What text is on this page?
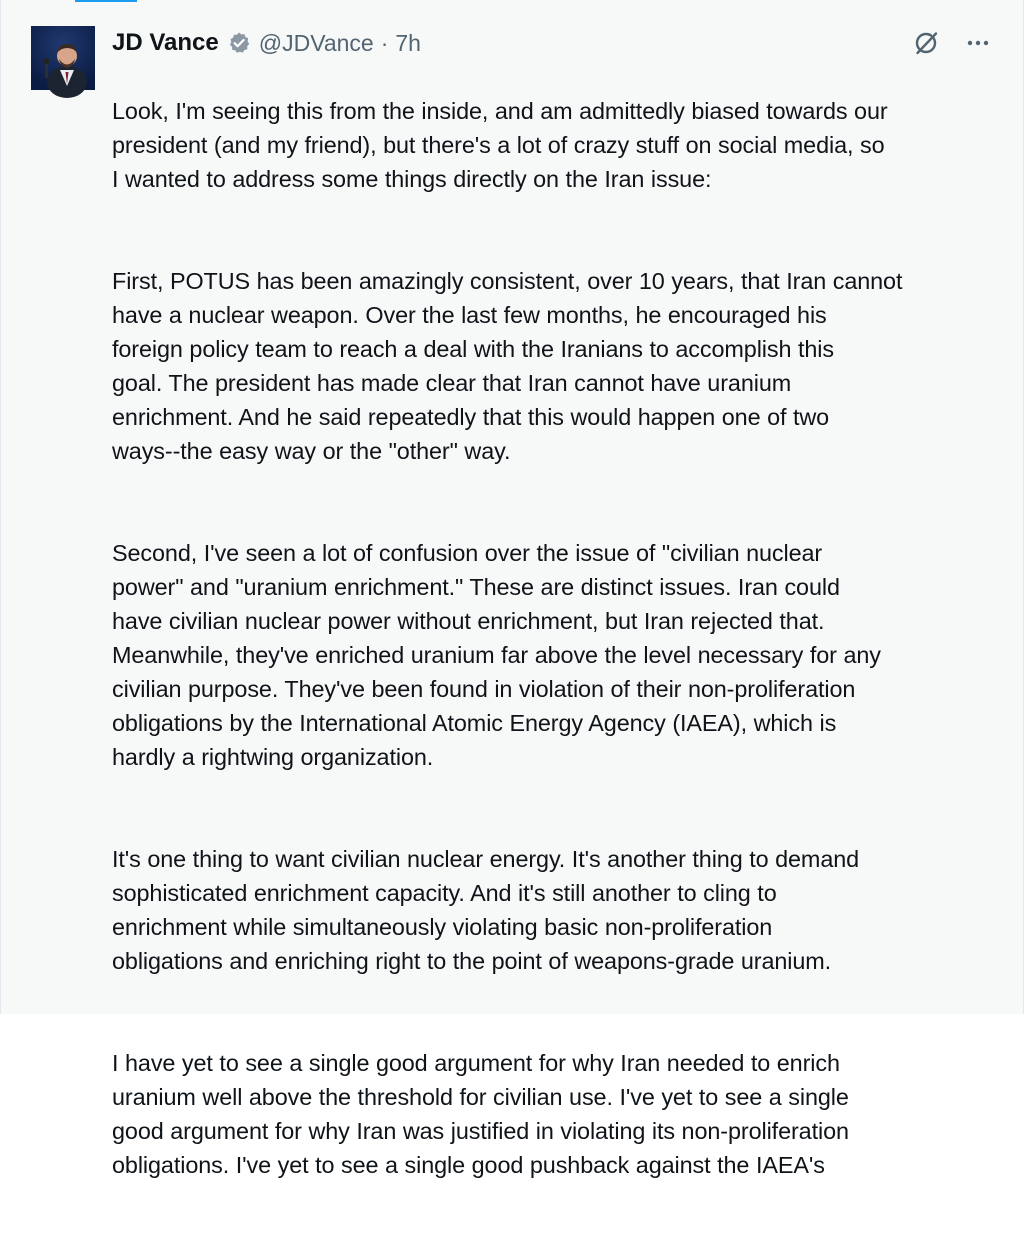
JD Vance @JDVance · 7h

Look, I'm seeing this from the inside, and am admittedly biased towards our
president (and my friend), but there's a lot of crazy stuff on social media, so
I wanted to address some things directly on the Iran issue:

First, POTUS has been amazingly consistent, over 10 years, that Iran cannot
have a nuclear weapon. Over the last few months, he encouraged his
foreign policy team to reach a deal with the Iranians to accomplish this
goal. The president has made clear that Iran cannot have uranium
enrichment. And he said repeatedly that this would happen one of two
ways--the easy way or the "other" way.

Second, I've seen a lot of confusion over the issue of "civilian nuclear
power" and "uranium enrichment." These are distinct issues. Iran could
have civilian nuclear power without enrichment, but Iran rejected that.
Meanwhile, they've enriched uranium far above the level necessary for any
civilian purpose. They've been found in violation of their non-proliferation
obligations by the International Atomic Energy Agency (IAEA), which is
hardly a rightwing organization.

It's one thing to want civilian nuclear energy. It's another thing to demand
sophisticated enrichment capacity. And it's still another to cling to
enrichment while simultaneously violating basic non-proliferation
obligations and enriching right to the point of weapons-grade uranium.

I have yet to see a single good argument for why Iran needed to enrich
uranium well above the threshold for civilian use. I've yet to see a single
good argument for why Iran was justified in violating its non-proliferation
obligations. I've yet to see a single good pushback against the IAEA's
